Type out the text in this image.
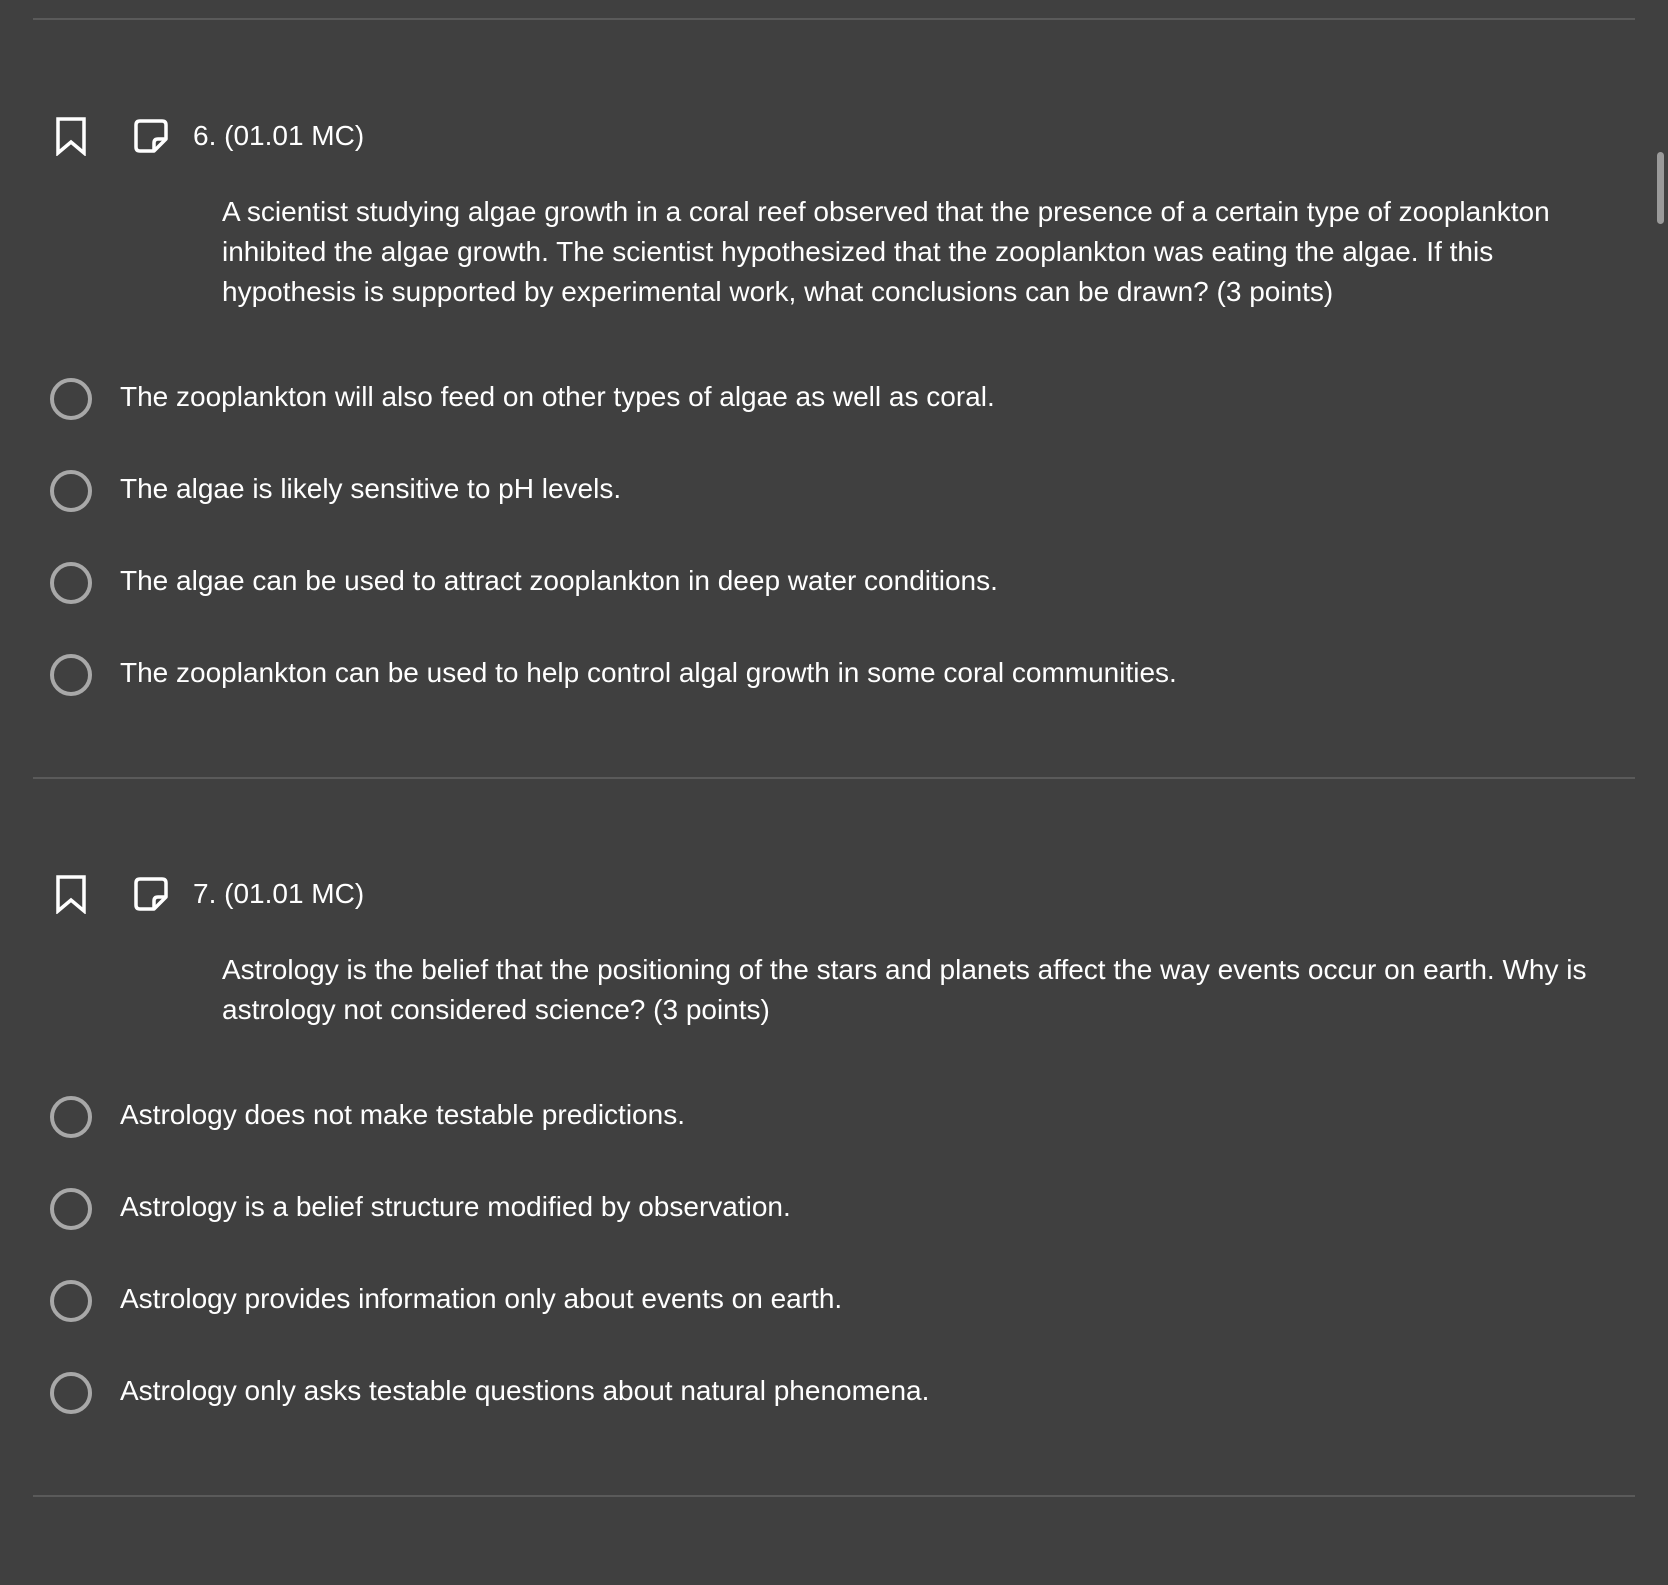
6. (01.01 MC)
A scientist studying algae growth in a coral reef observed that the presence of a certain type of zooplankton inhibited the algae growth. The scientist hypothesized that the zooplankton was eating the algae. If this hypothesis is supported by experimental work, what conclusions can be drawn? (3 points)
The zooplankton will also feed on other types of algae as well as coral.
The algae is likely sensitive to pH levels.
The algae can be used to attract zooplankton in deep water conditions.
The zooplankton can be used to help control algal growth in some coral communities.
7. (01.01 MC)
Astrology is the belief that the positioning of the stars and planets affect the way events occur on earth. Why is astrology not considered science? (3 points)
Astrology does not make testable predictions.
Astrology is a belief structure modified by observation.
Astrology provides information only about events on earth.
Astrology only asks testable questions about natural phenomena.
